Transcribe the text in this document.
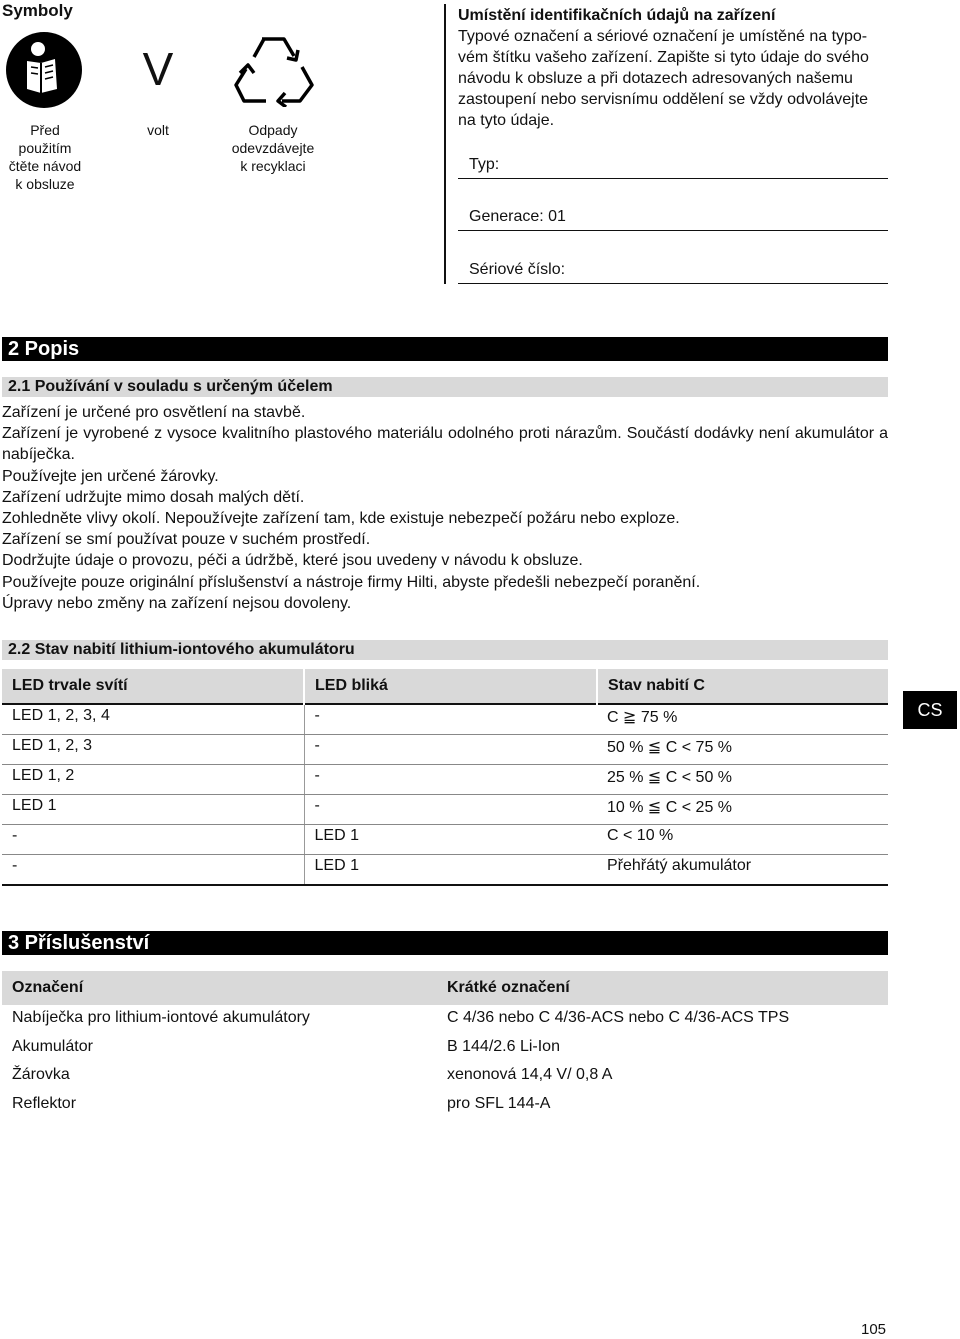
Symboly
Před
použitím
čtěte návod
k obsluze
V
volt	Odpady
odevzdávejte
k recyklaci
Umístění identifikačních údajů na zařízení

Typové označení a sériové označení je umístěné na typo-

vém štítku vašeho zařízení. Zapište si tyto údaje do svého

návodu k obsluze a při dotazech adresovaných našemu

zastoupení nebo servisnímu oddělení se vždy odvolávejte

na tyto údaje.

Typ:
Generace: 01
Sériové číslo:
2 Popis
2.1 Používání v souladu s určeným účelem

Zařízení je určené pro osvětlení na stavbě.

Zařízení je vyrobené z vysoce kvalitního plastového materiálu odolného proti nárazům. Součástí dodávky není akumulátor a nabíječka.

Používejte jen určené žárovky.

Zařízení udržujte mimo dosah malých dětí.

Zohledněte vlivy okolí. Nepoužívejte zařízení tam, kde existuje nebezpečí požáru nebo exploze.

Zařízení se smí používat pouze v suchém prostředí.

Dodržujte údaje o provozu, péči a údržbě, které jsou uvedeny v návodu k obsluze.

Používejte pouze originální příslušenství a nástroje firmy Hilti, abyste předešli nebezpečí poranění.

Úpravy nebo změny na zařízení nejsou dovoleny.

2.2 Stav nabití lithium-iontového akumulátoru
LED trvale svítí	LED bliká	Stav nabití C
LED 1, 2, 3, 4	-	C ≧ 75 %
LED 1, 2, 3	-	50 % ≦ C < 75 %
LED 1, 2	-	25 % ≦ C < 50 %
LED 1	-	10 % ≦ C < 25 %
-	LED 1	C < 10 %
-	LED 1	Přehřátý akumulátor
CS
3 Příslušenství
Označení	Krátké označení
Nabíječka pro lithium-iontové akumulátory	C 4/36 nebo C 4/36-ACS nebo C 4/36-ACS TPS
Akumulátor	B 144/2.6 Li-Ion
Žárovka	xenonová 14,4 V/ 0,8 A
Reflektor	pro SFL 144-A
105
